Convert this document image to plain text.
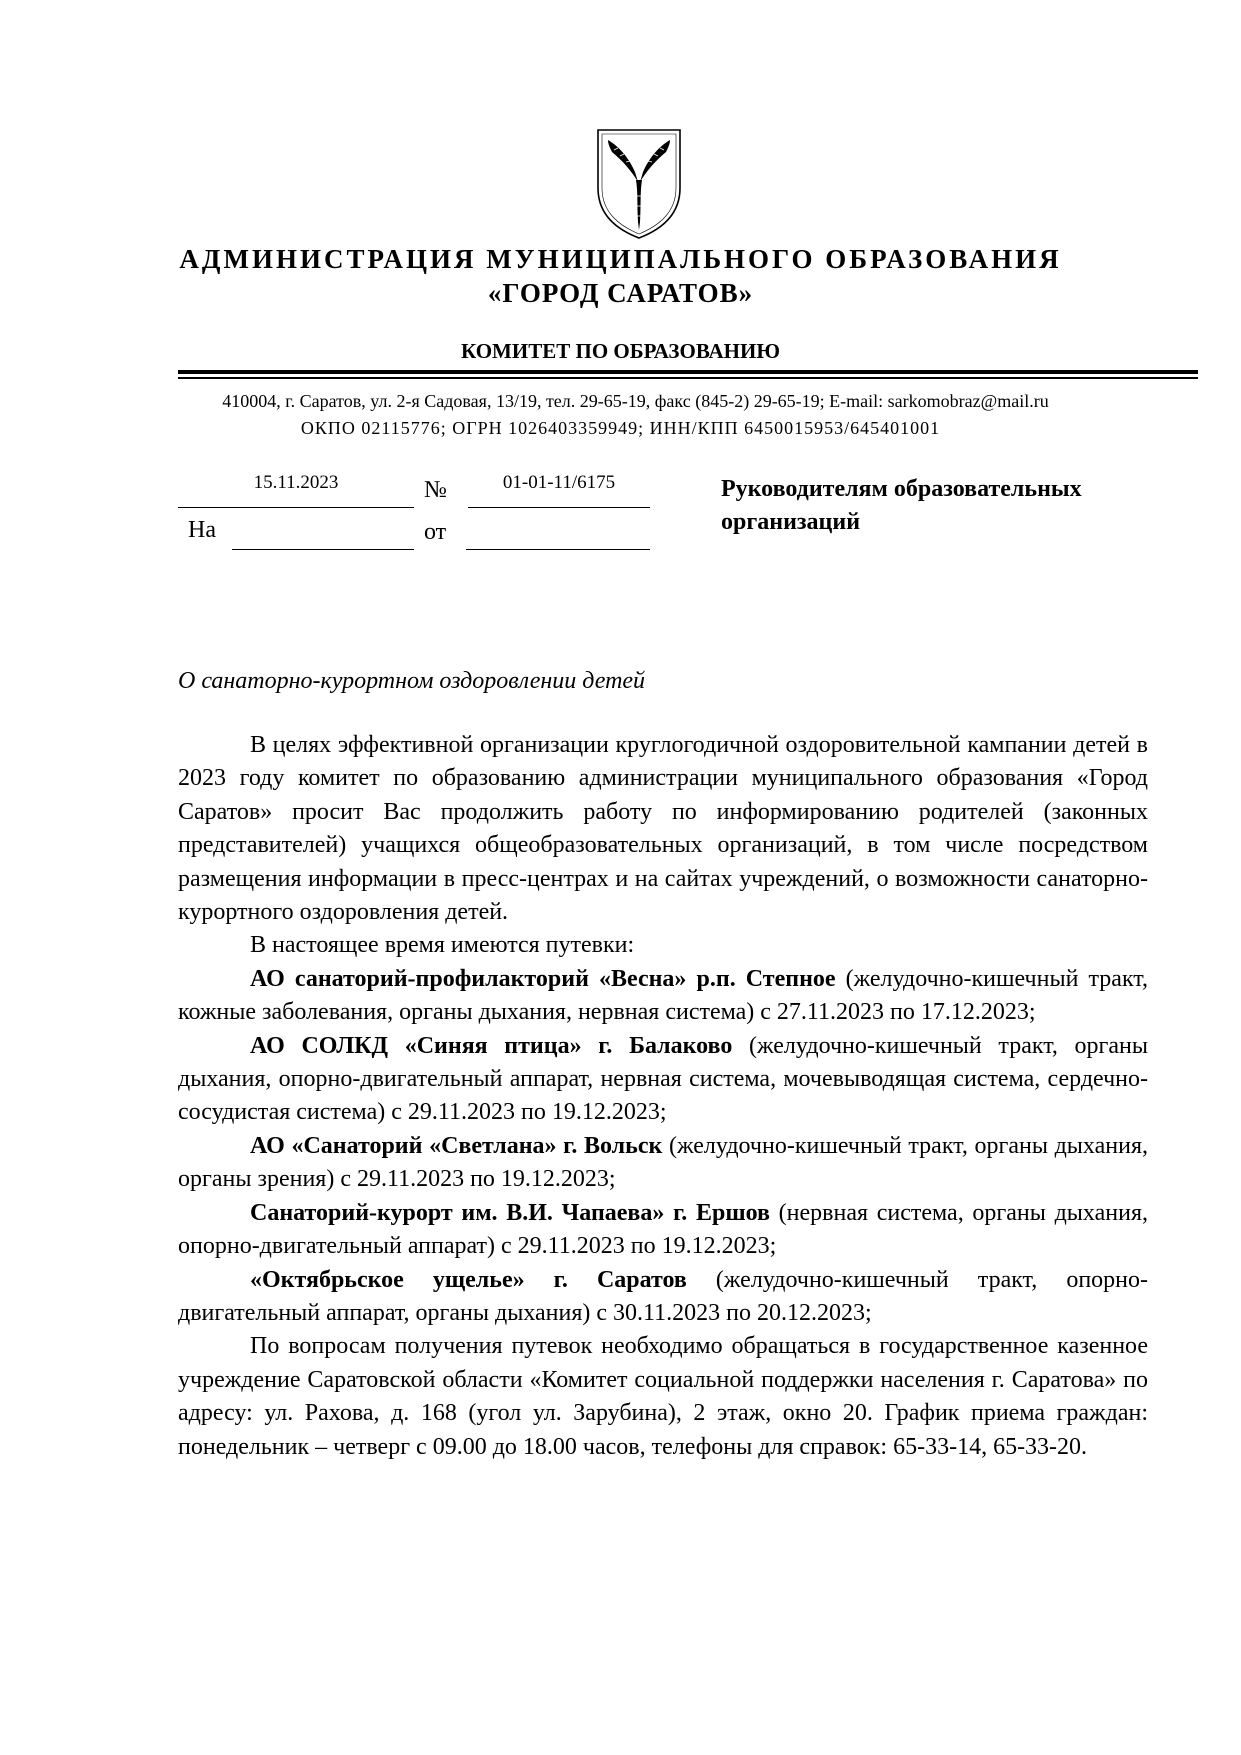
АДМИНИСТРАЦИЯ МУНИЦИПАЛЬНОГО ОБРАЗОВАНИЯ
«ГОРОД САРАТОВ»
КОМИТЕТ ПО ОБРАЗОВАНИЮ
410004, г. Саратов, ул. 2-я Садовая, 13/19, тел. 29-65-19, факс (845-2) 29-65-19; E-mail: sarkomobraz@mail.ru
ОКПО 02115776; ОГРН 1026403359949; ИНН/КПП 6450015953/645401001
15.11.2023	№	01-01-11/6175
На	от
Руководителям образовательных
организаций
О санаторно-курортном оздоровлении детей

В целях эффективной организации круглогодичной оздоровительной кампании детей в 2023 году комитет по образованию администрации муниципального образования «Город Саратов» просит Вас продолжить работу по информированию родителей (законных представителей) учащихся общеобразовательных организаций, в том числе посредством размещения информации в пресс-центрах и на сайтах учреждений, о возможности санаторно-курортного оздоровления детей.

В настоящее время имеются путевки:

АО санаторий-профилакторий «Весна» р.п. Степное (желудочно-кишечный тракт, кожные заболевания, органы дыхания, нервная система) с 27.11.2023 по 17.12.2023;

АО СОЛКД «Синяя птица» г. Балаково (желудочно-кишечный тракт, органы дыхания, опорно-двигательный аппарат, нервная система, мочевыводящая система, сердечно-сосудистая система) с 29.11.2023 по 19.12.2023;

АО «Санаторий «Светлана» г. Вольск (желудочно-кишечный тракт, органы дыхания, органы зрения) с 29.11.2023 по 19.12.2023;

Санаторий-курорт им. В.И. Чапаева» г. Ершов (нервная система, органы дыхания, опорно-двигательный аппарат) с 29.11.2023 по 19.12.2023;

«Октябрьское ущелье» г. Саратов (желудочно-кишечный тракт, опорно-двигательный аппарат, органы дыхания) с 30.11.2023 по 20.12.2023;

По вопросам получения путевок необходимо обращаться в государственное казенное учреждение Саратовской области «Комитет социальной поддержки населения г. Саратова» по адресу: ул. Рахова, д. 168 (угол ул. Зарубина), 2 этаж, окно 20. График приема граждан: понедельник – четверг с 09.00 до 18.00 часов, телефоны для справок: 65-33-14, 65-33-20.
